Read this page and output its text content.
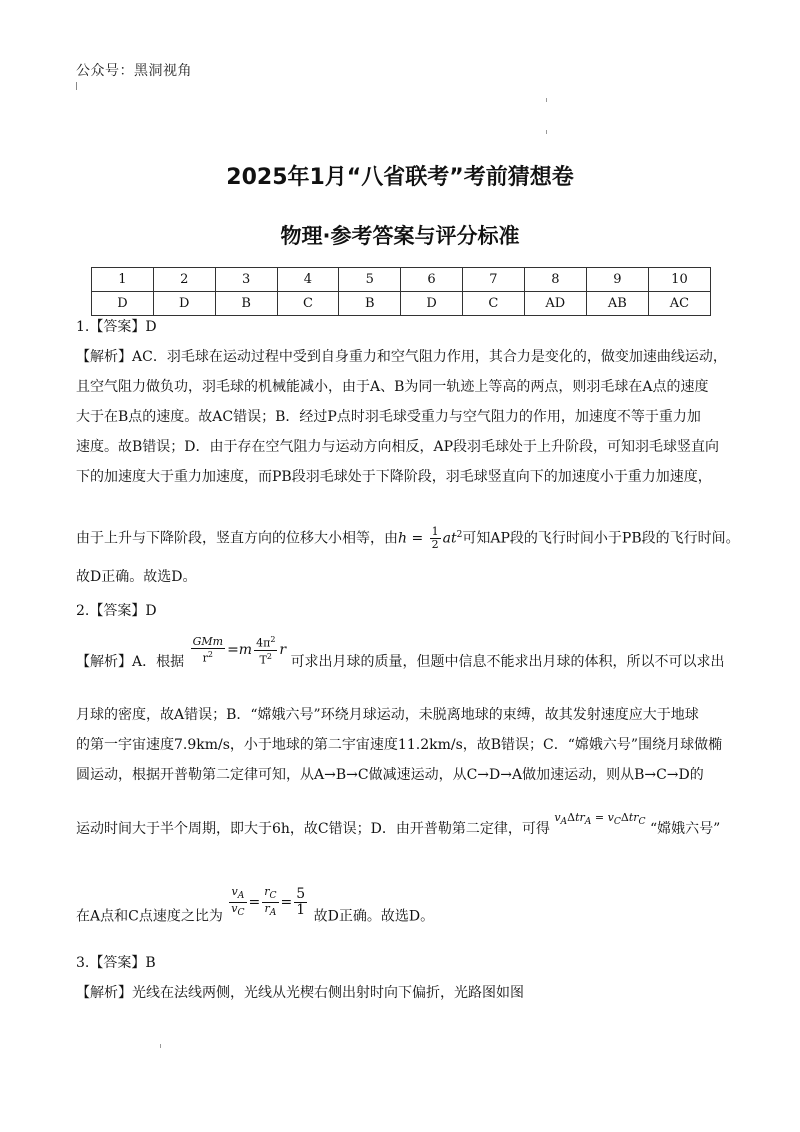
公众号：黑洞视角
2025年1月“八省联考”考前猜想卷
物理·参考答案与评分标准
1	2	3	4	5	6	7	8	9	10
D	D	B	C	B	D	C	AD	AB	AC
1.【答案】D
【解析】AC．羽毛球在运动过程中受到自身重力和空气阻力作用，其合力是变化的，做变加速曲线运动，
且空气阻力做负功，羽毛球的机械能减小，由于A、B为同一轨迹上等高的两点，则羽毛球在A点的速度
大于在B点的速度。故AC错误；B．经过P点时羽毛球受重力与空气阻力的作用，加速度不等于重力加
速度。故B错误；D．由于存在空气阻力与运动方向相反，AP段羽毛球处于上升阶段，可知羽毛球竖直向
下的加速度大于重力加速度，而PB段羽毛球处于下降阶段，羽毛球竖直向下的加速度小于重力加速度，
由于上升与下降阶段，竖直方向的位移大小相等，由$h = \frac{1}{2} at^2$可知AP段的飞行时间小于PB段的飞行时间。
故D正确。故选D。
2.【答案】D
【解析】A．根据 $\frac{\text{GMm}}{r^2} =m \frac{4\pi^2}{T^2}$ r 可求出月球的质量，但题中信息不能求出月球的体积，所以不可以求出
月球的密度，故A错误；B．“嫦娥六号”环绕月球运动，未脱离地球的束缚，故其发射速度应大于地球
的第一宇宙速度7.9km/s，小于地球的第二宇宙速度11.2km/s，故B错误；C．“嫦娥六号”围绕月球做椭
圆运动，根据开普勒第二定律可知，从A→B→C做减速运动，从C→D→A做加速运动，则从B→C→D的
运动时间大于半个周期，即大于6h，故C错误；D．由开普勒第二定律，可得 $v_A\Delta tr_A = v_C\Delta tr_C$ “嫦娥六号”
在A点和C点速度之比为 $\frac{v_A}{v_C} = \frac{r_C}{r_A} = \frac{5}{1}$ 故D正确。故选D。
3.【答案】B
【解析】光线在法线两侧，光线从光楔右侧出射时向下偏折，光路图如图
